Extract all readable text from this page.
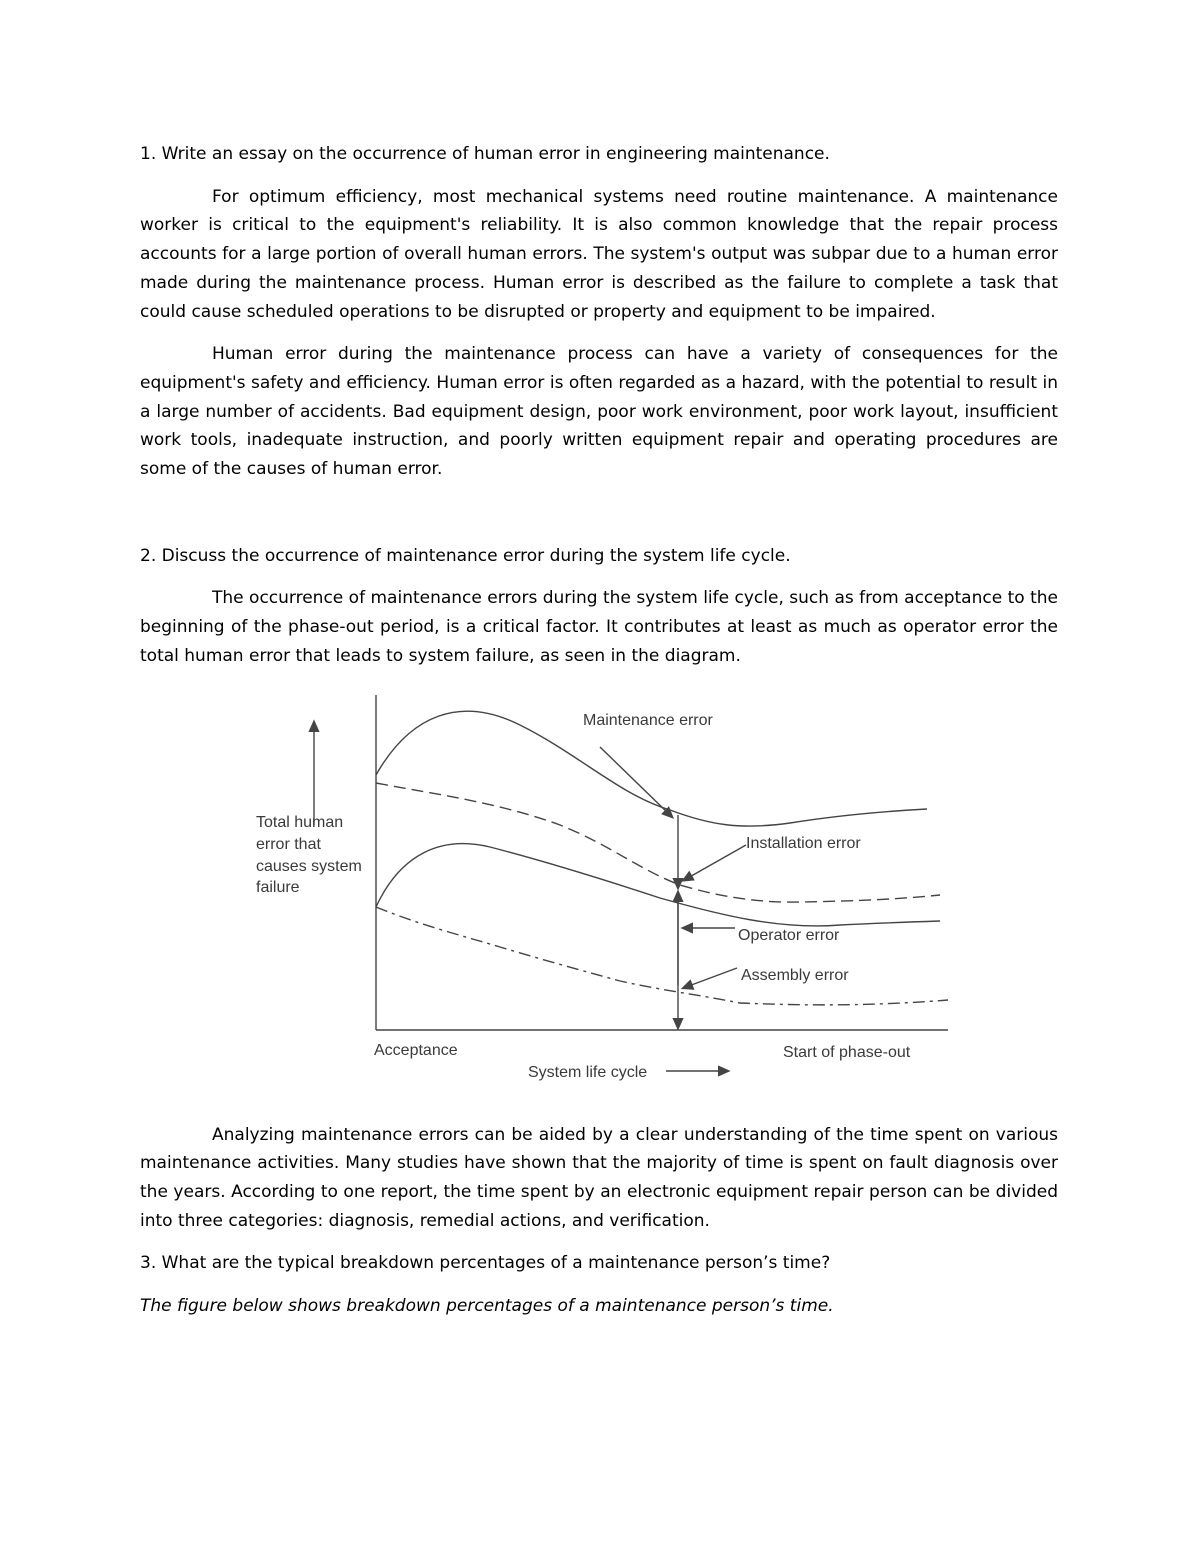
1. Write an essay on the occurrence of human error in engineering maintenance.

For optimum efficiency, most mechanical systems need routine maintenance. A maintenance worker is critical to the equipment's reliability. It is also common knowledge that the repair process accounts for a large portion of overall human errors. The system's output was subpar due to a human error made during the maintenance process. Human error is described as the failure to complete a task that could cause scheduled operations to be disrupted or property and equipment to be impaired.

Human error during the maintenance process can have a variety of consequences for the equipment's safety and efficiency. Human error is often regarded as a hazard, with the potential to result in a large number of accidents. Bad equipment design, poor work environment, poor work layout, insufficient work tools, inadequate instruction, and poorly written equipment repair and operating procedures are some of the causes of human error.

2. Discuss the occurrence of maintenance error during the system life cycle.

The occurrence of maintenance errors during the system life cycle, such as from acceptance to the beginning of the phase-out period, is a critical factor. It contributes at least as much as operator error the total human error that leads to system failure, as seen in the diagram.

Maintenance error
Installation error
Operator error
Assembly error
Total human
error that
causes system
failure
Acceptance	Start of phase-out
System life cycle

Analyzing maintenance errors can be aided by a clear understanding of the time spent on various maintenance activities. Many studies have shown that the majority of time is spent on fault diagnosis over the years. According to one report, the time spent by an electronic equipment repair person can be divided into three categories: diagnosis, remedial actions, and verification.

3. What are the typical breakdown percentages of a maintenance person’s time?

The figure below shows breakdown percentages of a maintenance person’s time.
